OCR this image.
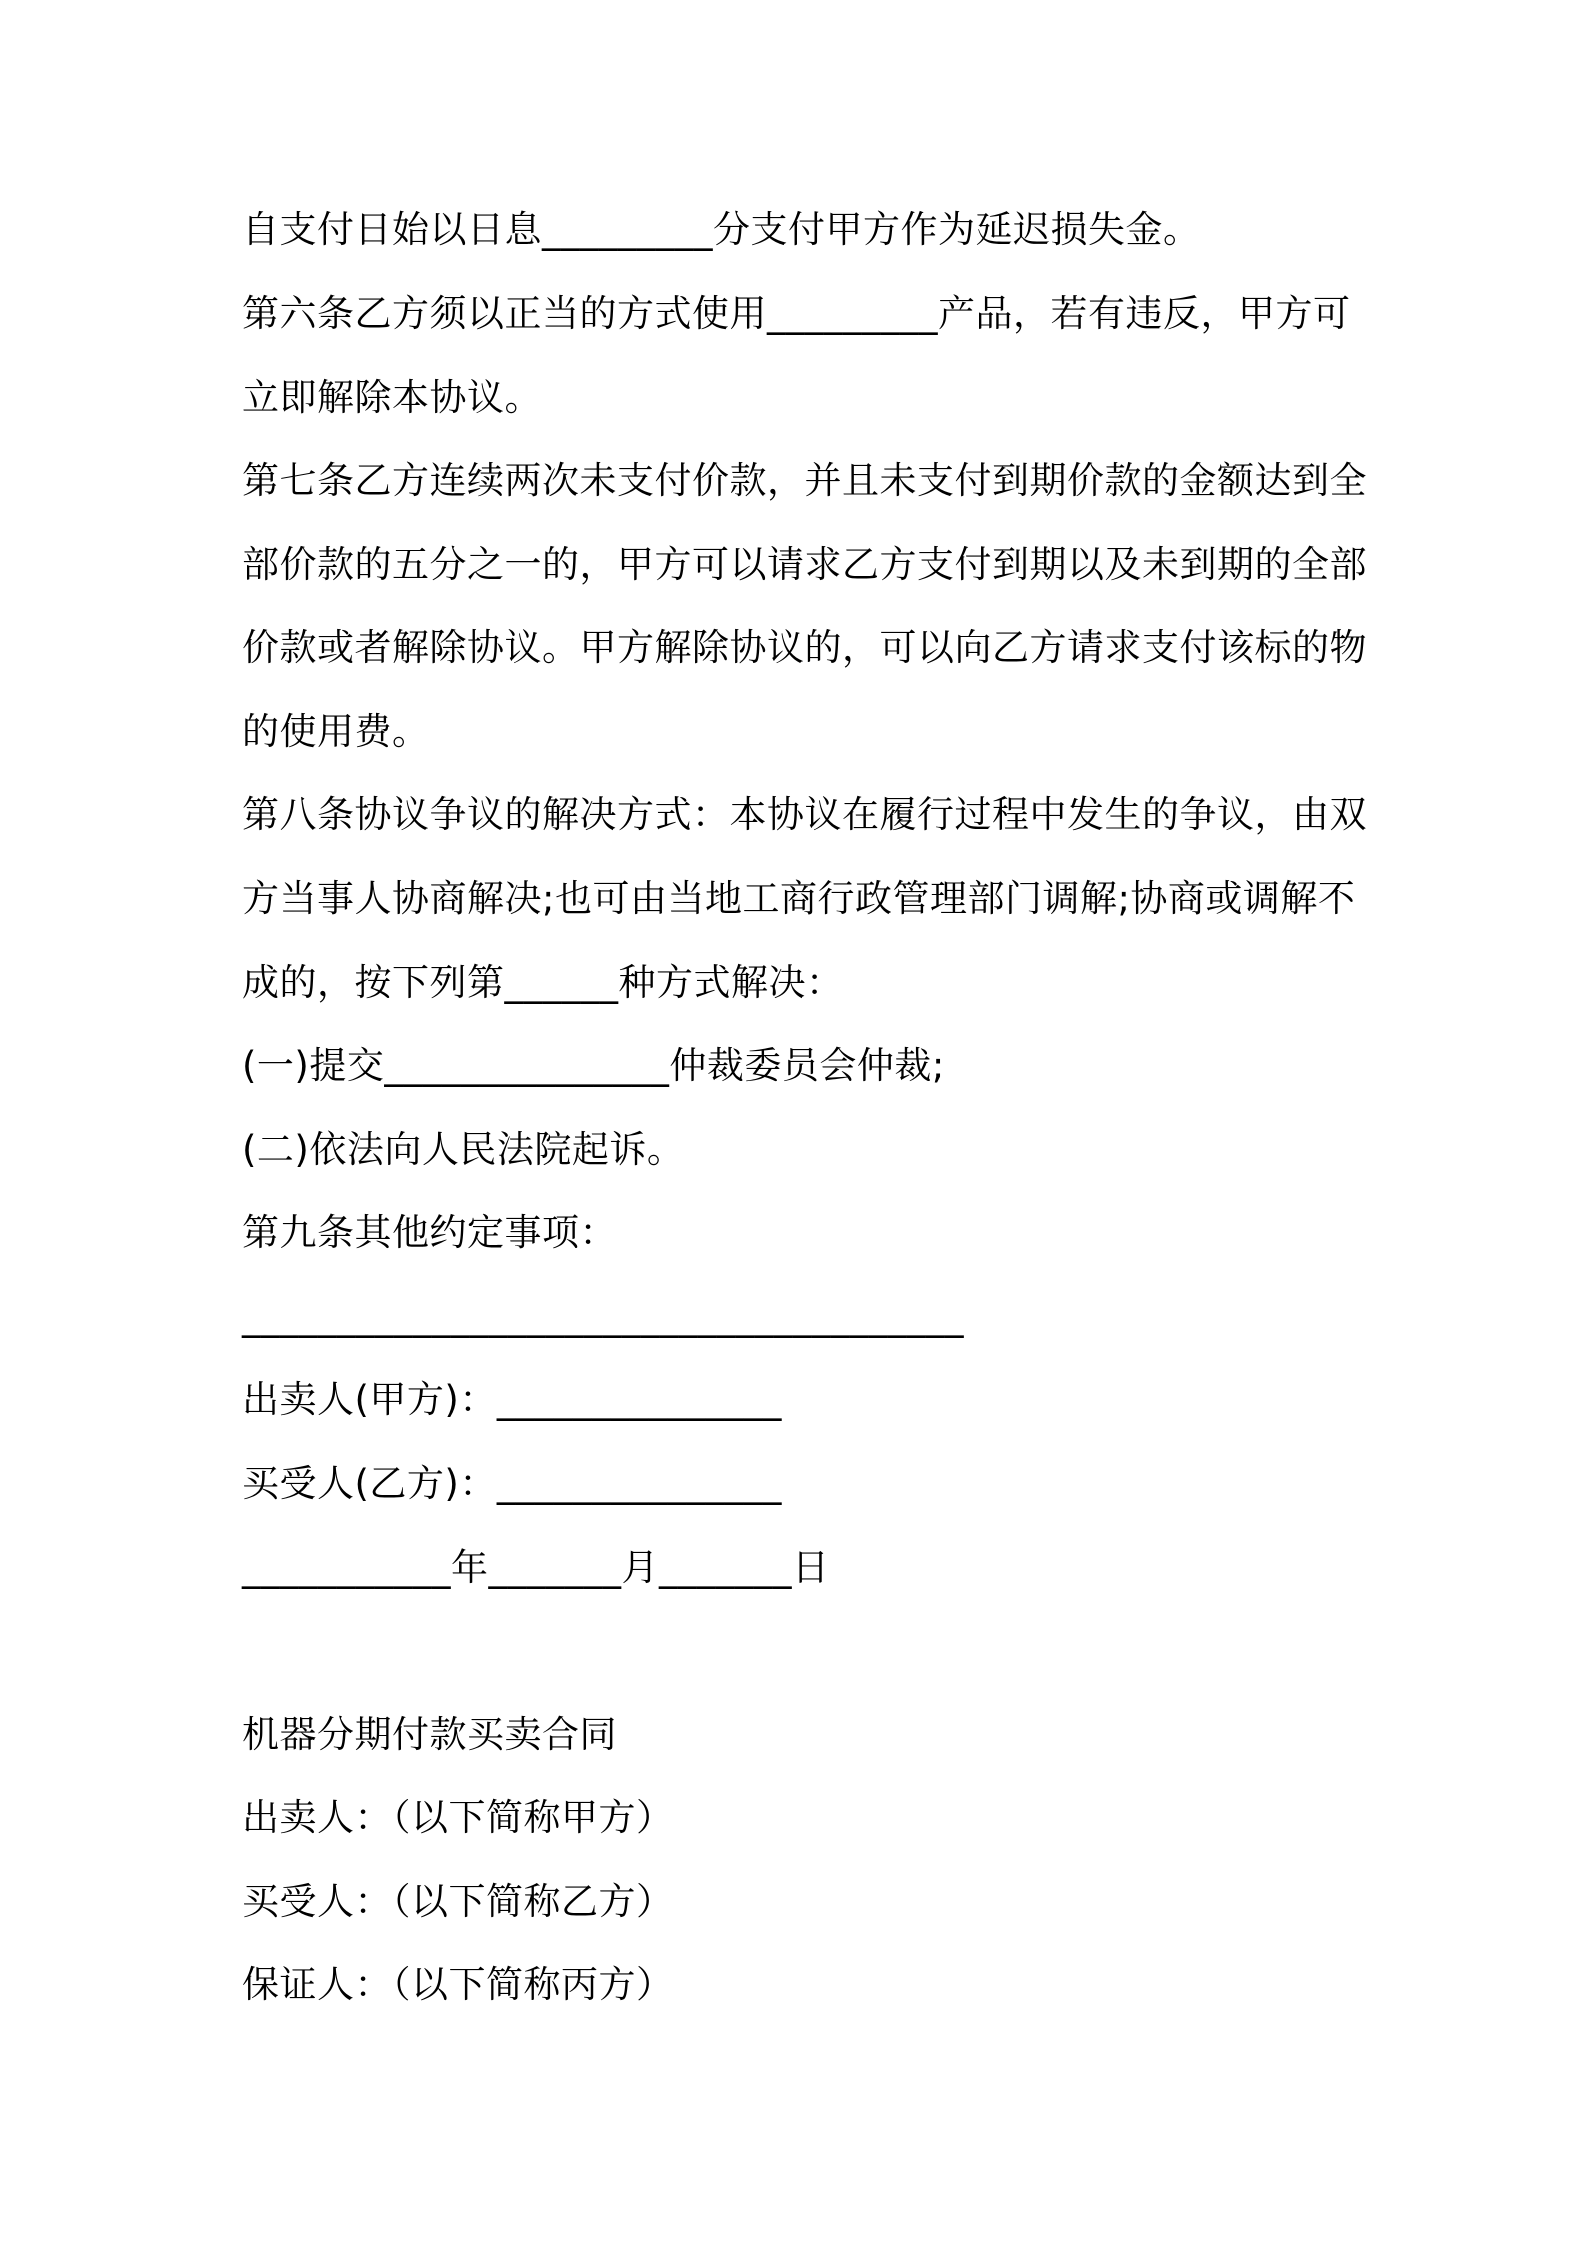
自支付日始以日息_________分支付甲方作为延迟损失金。
第六条乙方须以正当的方式使用_________产品，若有违反，甲方可
立即解除本协议。
第七条乙方连续两次未支付价款，并且未支付到期价款的金额达到全
部价款的五分之一的，甲方可以请求乙方支付到期以及未到期的全部
价款或者解除协议。甲方解除协议的，可以向乙方请求支付该标的物
的使用费。
第八条协议争议的解决方式：本协议在履行过程中发生的争议，由双
方当事人协商解决;也可由当地工商行政管理部门调解;协商或调解不
成的，按下列第______种方式解决：
(一)提交_______________仲裁委员会仲裁;
(二)依法向人民法院起诉。
第九条其他约定事项：
______________________________________
出卖人(甲方)：_______________
买受人(乙方)：_______________
___________年_______月_______日
机器分期付款买卖合同
出卖人：（以下简称甲方）
买受人：（以下简称乙方）
保证人：（以下简称丙方）
